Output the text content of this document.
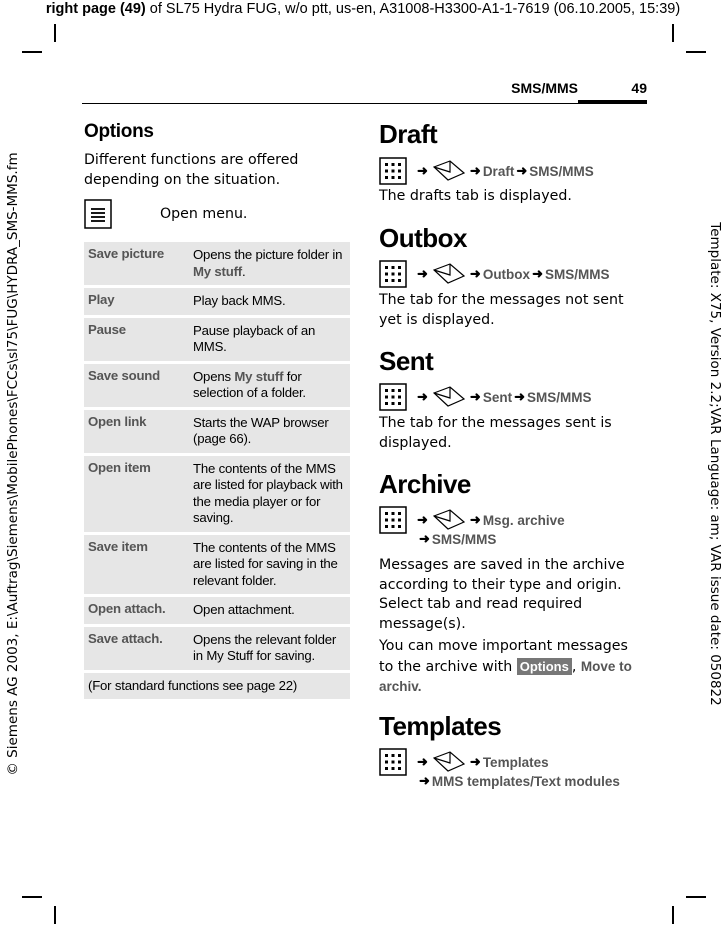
right page (49) of SL75 Hydra FUG, w/o ptt, us-en, A31008-H3300-A1-1-7619 (06.10.2005, 15:39)
© Siemens AG 2003, E:\Auftrag\Siemens\MobilePhones\FCCs\sl75\FUG\HYDRA_SMS-MMS.fm	Template: X75, Version 2.2;VAR Language: am; VAR issue date: 050822
SMS/MMS	49
Options
Different functions are offered depending on the situation.
Open menu.
Save picture	Opens the picture folder in My stuff.
Play	Play back MMS.
Pause	Pause playback of an MMS.
Save sound	Opens My stuff for selection of a folder.
Open link	Starts the WAP browser (page 66).
Open item	The contents of the MMS are listed for playback with the media player or for saving.
Save item	The contents of the MMS are listed for saving in the relevant folder.
Open attach.	Open attachment.
Save attach.	Opens the relevant folder in My Stuff for saving.
(For standard functions see page 22)	
Draft
➜	➜ Draft ➜ SMS/MMS
The drafts tab is displayed.
Outbox
➜	➜ Outbox ➜ SMS/MMS
The tab for the messages not sent yet is displayed.
Sent
➜	➜ Sent ➜ SMS/MMS
The tab for the messages sent is displayed.
Archive
➜	➜ Msg. archive
➜ SMS/MMS
Messages are saved in the archive according to their type and origin. Select tab and read required message(s).
You can move important messages to the archive with Options , Move to archiv.
Templates
➜	➜ Templates
➜ MMS templates/Text modules
